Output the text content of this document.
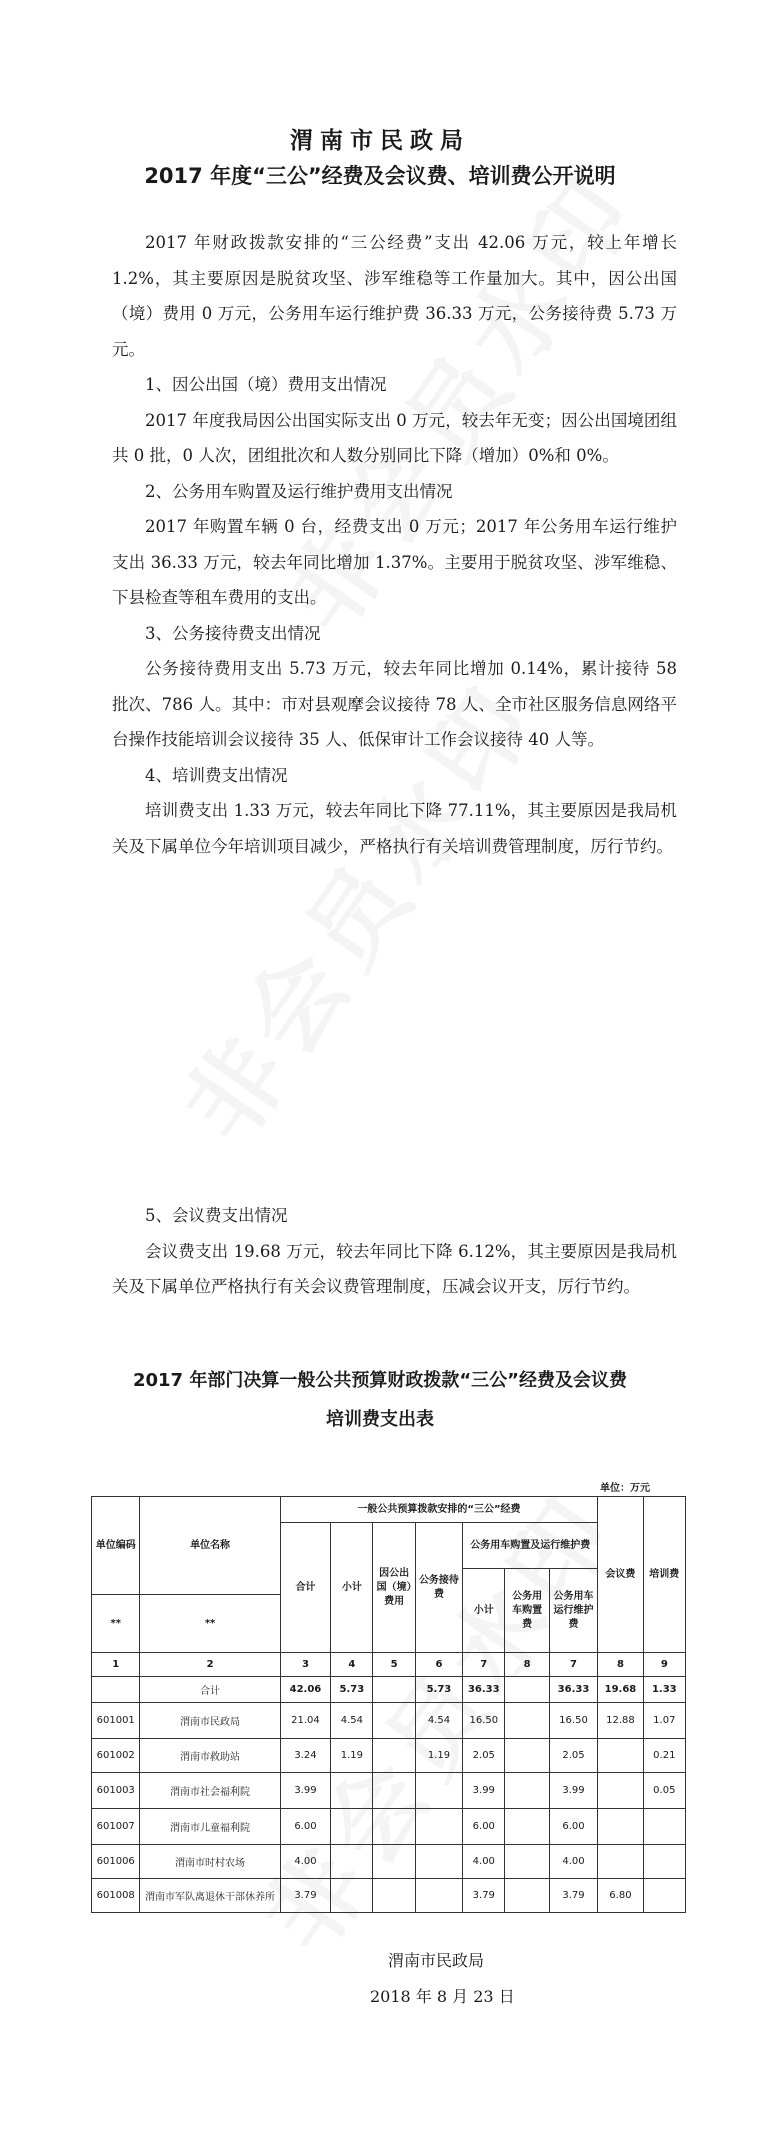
渭南市民政局
2017 年度“三公”经费及会议费、培训费公开说明

2017 年财政拨款安排的“三公经费”支出 42.06 万元，较上年增长 1.2%，其主要原因是脱贫攻坚、涉军维稳等工作量加大。其中，因公出国（境）费用 0 万元，公务用车运行维护费 36.33 万元，公务接待费 5.73 万元。

1、因公出国（境）费用支出情况

2017 年度我局因公出国实际支出 0 万元，较去年无变；因公出国境团组共 0 批，0 人次，团组批次和人数分别同比下降（增加）0%和 0%。

2、公务用车购置及运行维护费用支出情况

2017 年购置车辆 0 台，经费支出 0 万元；2017 年公务用车运行维护支出 36.33 万元，较去年同比增加 1.37%。主要用于脱贫攻坚、涉军维稳、下县检查等租车费用的支出。

3、公务接待费支出情况

公务接待费用支出 5.73 万元，较去年同比增加 0.14%，累计接待 58 批次、786 人。其中：市对县观摩会议接待 78 人、全市社区服务信息网络平台操作技能培训会议接待 35 人、低保审计工作会议接待 40 人等。

4、培训费支出情况

培训费支出 1.33 万元，较去年同比下降 77.11%，其主要原因是我局机关及下属单位今年培训项目减少，严格执行有关培训费管理制度，厉行节约。

5、会议费支出情况

会议费支出 19.68 万元，较去年同比下降 6.12%，其主要原因是我局机关及下属单位严格执行有关会议费管理制度，压减会议开支，厉行节约。

2017 年部门决算一般公共预算财政拨款“三公”经费及会议费
培训费支出表
单位：万元
单位编码	单位名称	一般公共预算拨款安排的“三公”经费							会议费	培训费
		合计	小计	因公出国（境）费用	公务接待费	公务用车购置及运行维护费				
						小计	公务用车购置费	公务用车运行维护费		
**	**									
1	2	3	4	5	6	7	8	7	8	9
	合计	42.06	5.73		5.73	36.33		36.33	19.68	1.33
601001	渭南市民政局	21.04	4.54		4.54	16.50		16.50	12.88	1.07
601002	渭南市救助站	3.24	1.19		1.19	2.05		2.05		0.21
601003	渭南市社会福利院	3.99				3.99		3.99		0.05
601007	渭南市儿童福利院	6.00				6.00		6.00		
601006	渭南市时村农场	4.00				4.00		4.00		
601008	渭南市军队离退休干部休养所	3.79				3.79		3.79	6.80	
渭南市民政局
2018 年 8 月 23 日
